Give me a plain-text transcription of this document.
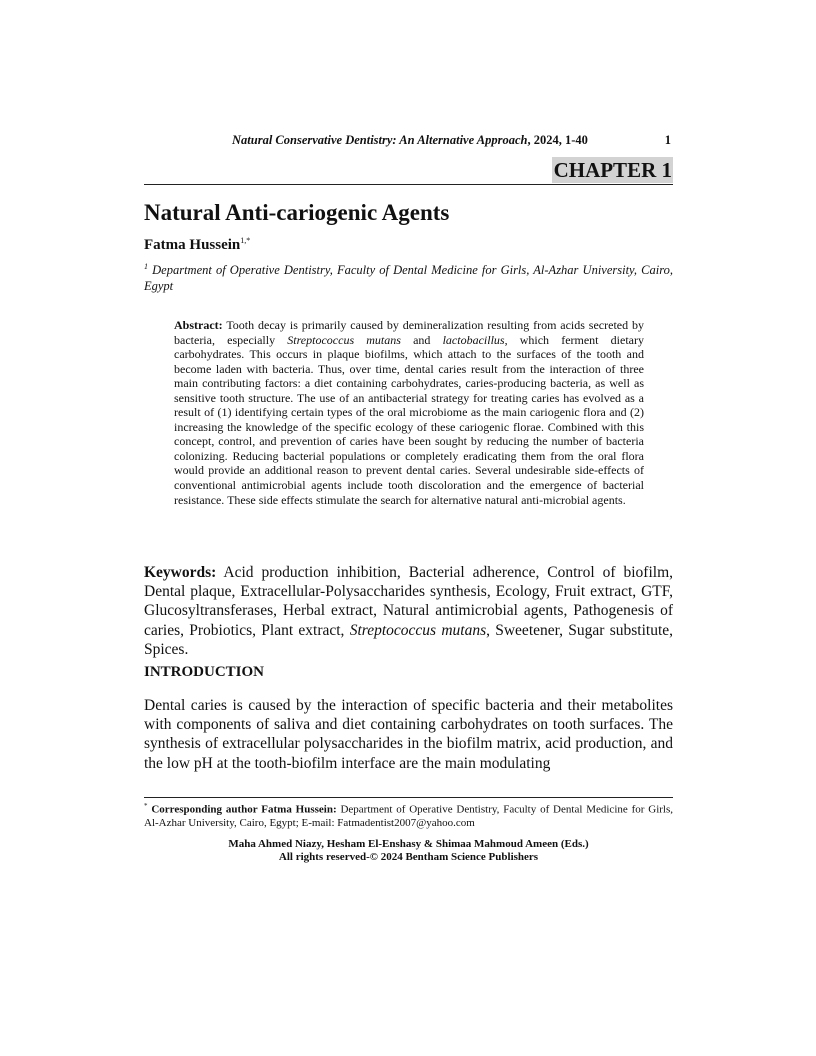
Natural Conservative Dentistry: An Alternative Approach, 2024, 1-40	1
CHAPTER 1
Natural Anti-cariogenic Agents
Fatma Hussein$^{1,*}$
$^1$ Department of Operative Dentistry, Faculty of Dental Medicine for Girls, Al-Azhar University, Cairo, Egypt

Abstract: Tooth decay is primarily caused by demineralization resulting from acids secreted by bacteria, especially Streptococcus mutans and lactobacillus, which ferment dietary carbohydrates. This occurs in plaque biofilms, which attach to the surfaces of the tooth and become laden with bacteria. Thus, over time, dental caries result from the interaction of three main contributing factors: a diet containing carbohydrates, caries-producing bacteria, as well as sensitive tooth structure. The use of an antibacterial strategy for treating caries has evolved as a result of (1) identifying certain types of the oral microbiome as the main cariogenic flora and (2) increasing the knowledge of the specific ecology of these cariogenic florae. Combined with this concept, control, and prevention of caries have been sought by reducing the number of bacteria colonizing. Reducing bacterial populations or completely eradicating them from the oral flora would provide an additional reason to prevent dental caries. Several undesirable side-effects of conventional antimicrobial agents include tooth discoloration and the emergence of bacterial resistance. These side effects stimulate the search for alternative natural anti-microbial agents.

Keywords: Acid production inhibition, Bacterial adherence, Control of biofilm, Dental plaque, Extracellular-Polysaccharides synthesis, Ecology, Fruit extract, GTF, Glucosyltransferases, Herbal extract, Natural antimicrobial agents, Pathogenesis of caries, Probiotics, Plant extract, Streptococcus mutans, Sweetener, Sugar substitute, Spices.

INTRODUCTION

Dental caries is caused by the interaction of specific bacteria and their metabolites with components of saliva and diet containing carbohydrates on tooth surfaces. The synthesis of extracellular polysaccharides in the biofilm matrix, acid production, and the low pH at the tooth-biofilm interface are the main modulating

* Corresponding author Fatma Hussein: Department of Operative Dentistry, Faculty of Dental Medicine for Girls, Al-Azhar University, Cairo, Egypt; E-mail: Fatmadentist2007@yahoo.com

Maha Ahmed Niazy, Hesham El-Enshasy & Shimaa Mahmoud Ameen (Eds.)
All rights reserved-© 2024 Bentham Science Publishers
